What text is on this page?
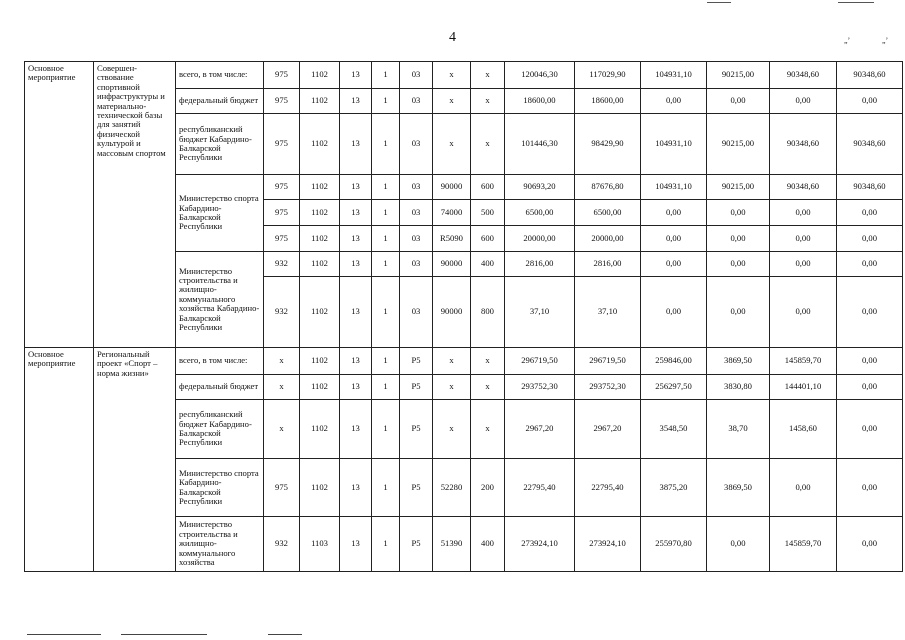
4	„’	„’
Основное мероприятие	Совершен-ствование спортивной инфраструктуры и материально-технической базы для занятий физической культурой и массовым спортом	всего, в том числе:	975	1102	13	1	03	x	x	120046,30	117029,90	104931,10	90215,00	90348,60	90348,60
		федеральный бюджет	975	1102	13	1	03	x	x	18600,00	18600,00	0,00	0,00	0,00	0,00
		республиканский бюджет Кабардино-Балкарской Республики	975	1102	13	1	03	x	x	101446,30	98429,90	104931,10	90215,00	90348,60	90348,60
		Министерство спорта Кабардино-Балкарской Республики	975	1102	13	1	03	90000	600	90693,20	87676,80	104931,10	90215,00	90348,60	90348,60
			975	1102	13	1	03	74000	500	6500,00	6500,00	0,00	0,00	0,00	0,00
			975	1102	13	1	03	R5090	600	20000,00	20000,00	0,00	0,00	0,00	0,00
		Министерство строительства и жилищно-коммунального хозяйства Кабардино-Балкарской Республики	932	1102	13	1	03	90000	400	2816,00	2816,00	0,00	0,00	0,00	0,00
			932	1102	13	1	03	90000	800	37,10	37,10	0,00	0,00	0,00	0,00
Основное мероприятие	Региональный проект «Спорт – норма жизни»	всего, в том числе:	x	1102	13	1	P5	x	x	296719,50	296719,50	259846,00	3869,50	145859,70	0,00
		федеральный бюджет	x	1102	13	1	P5	x	x	293752,30	293752,30	256297,50	3830,80	144401,10	0,00
		республиканский бюджет Кабардино-Балкарской Республики	x	1102	13	1	P5	x	x	2967,20	2967,20	3548,50	38,70	1458,60	0,00
		Министерство спорта Кабардино-Балкарской Республики	975	1102	13	1	P5	52280	200	22795,40	22795,40	3875,20	3869,50	0,00	0,00
		Министерство строительства и жилищно-коммунального хозяйства	932	1103	13	1	P5	51390	400	273924,10	273924,10	255970,80	0,00	145859,70	0,00
